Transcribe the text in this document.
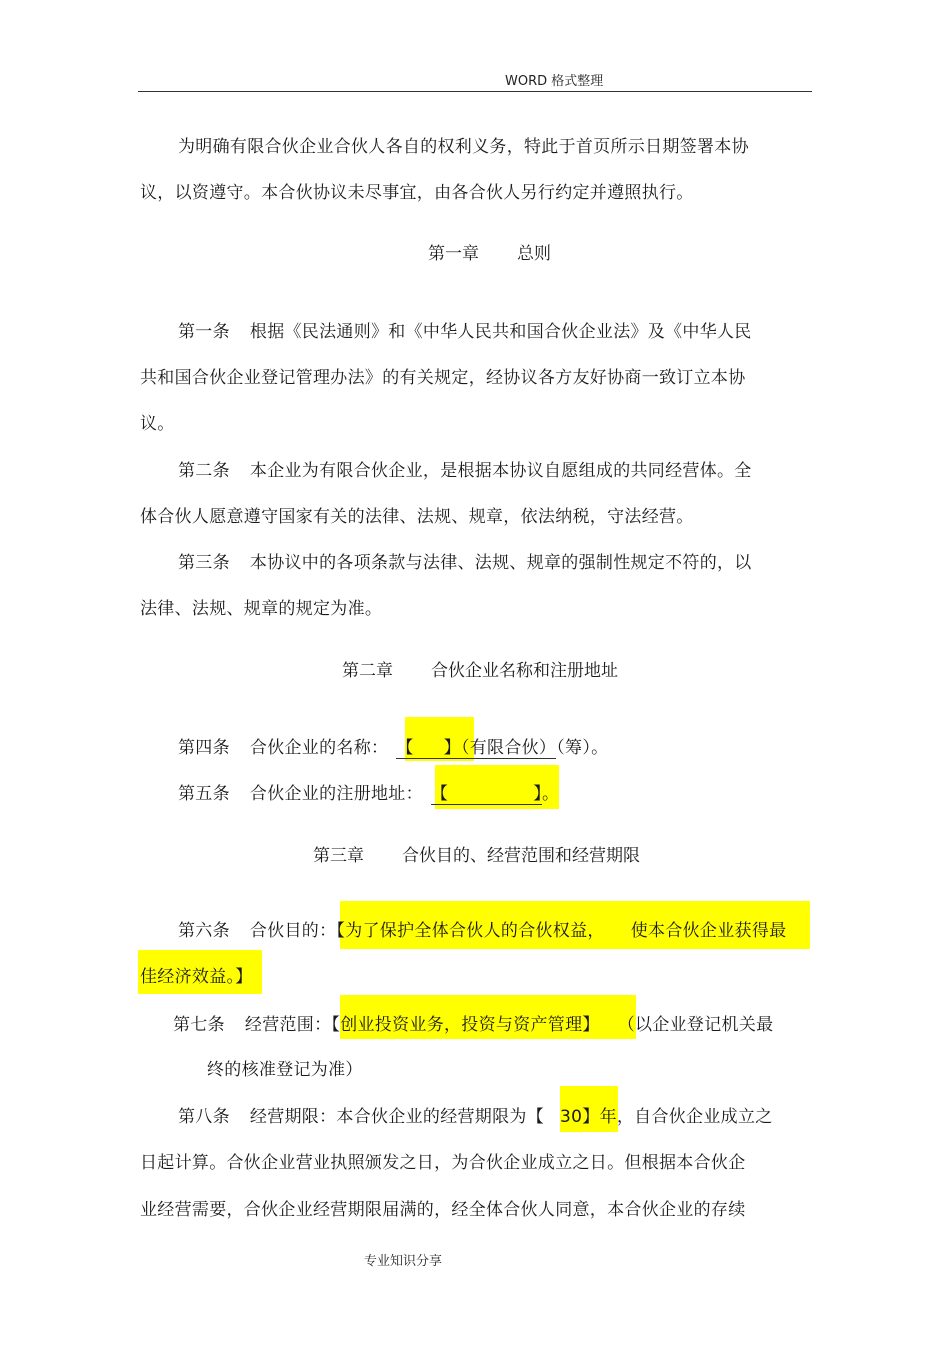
WORD 格式整理
为明确有限合伙企业合伙人各自的权利义务，特此于首页所示日期签署本协
议，以资遵守。本合伙协议未尽事宜，由各合伙人另行约定并遵照执行。
第一章 总则
第一条 根据《民法通则》和《中华人民共和国合伙企业法》及《中华人民
共和国合伙企业登记管理办法》的有关规定，经协议各方友好协商一致订立本协
议。
第二条 本企业为有限合伙企业，是根据本协议自愿组成的共同经营体。全
体合伙人愿意遵守国家有关的法律、法规、规章，依法纳税，守法经营。
第三条 本协议中的各项条款与法律、法规、规章的强制性规定不符的，以
法律、法规、规章的规定为准。
第二章 合伙企业名称和注册地址
第四条 合伙企业的名称： 【 】（有限合伙）（筹）。
第五条 合伙企业的注册地址： 【	】。
第三章 合伙目的、经营范围和经营期限
第六条 合伙目的：【为了保护全体合伙人的合伙权益， 使本合伙企业获得最
佳经济效益。】
第七条 经营范围：【创业投资业务，投资与资产管理】 （以企业登记机关最
终的核准登记为准）
第八条 经营期限：本合伙企业的经营期限为【 30】年，自合伙企业成立之
日起计算。合伙企业营业执照颁发之日，为合伙企业成立之日。但根据本合伙企
业经营需要，合伙企业经营期限届满的，经全体合伙人同意，本合伙企业的存续
专业知识分享
